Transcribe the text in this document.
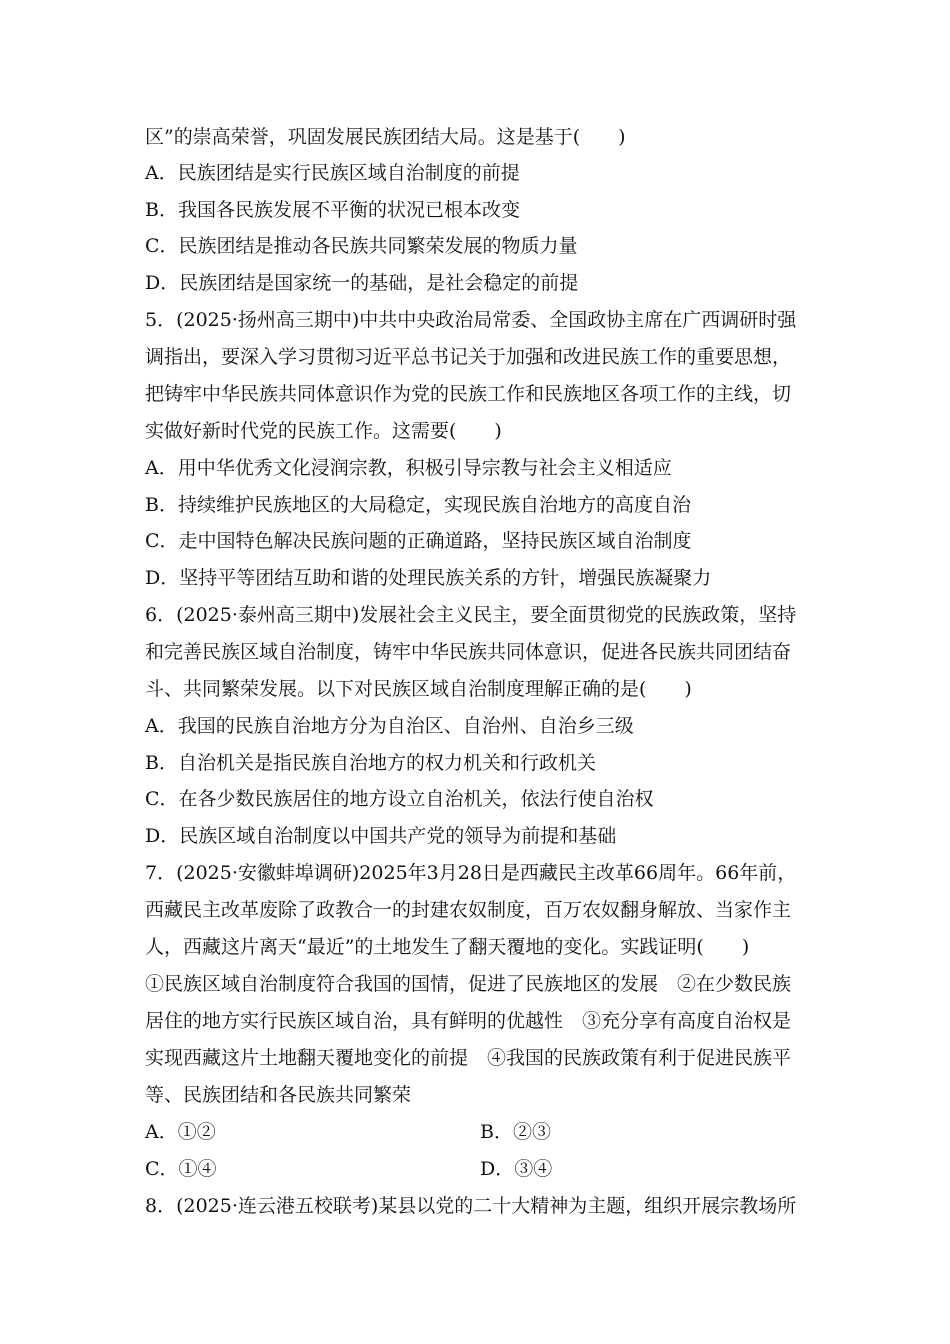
区”的崇高荣誉，巩固发展民族团结大局。这是基于(　　)
A．民族团结是实行民族区域自治制度的前提
B．我国各民族发展不平衡的状况已根本改变
C．民族团结是推动各民族共同繁荣发展的物质力量
D．民族团结是国家统一的基础，是社会稳定的前提
5．(2025·扬州高三期中)中共中央政治局常委、全国政协主席在广西调研时强
调指出，要深入学习贯彻习近平总书记关于加强和改进民族工作的重要思想，
把铸牢中华民族共同体意识作为党的民族工作和民族地区各项工作的主线，切
实做好新时代党的民族工作。这需要(　　)
A．用中华优秀文化浸润宗教，积极引导宗教与社会主义相适应
B．持续维护民族地区的大局稳定，实现民族自治地方的高度自治
C．走中国特色解决民族问题的正确道路，坚持民族区域自治制度
D．坚持平等团结互助和谐的处理民族关系的方针，增强民族凝聚力
6．(2025·泰州高三期中)发展社会主义民主，要全面贯彻党的民族政策，坚持
和完善民族区域自治制度，铸牢中华民族共同体意识，促进各民族共同团结奋
斗、共同繁荣发展。以下对民族区域自治制度理解正确的是(　　)
A．我国的民族自治地方分为自治区、自治州、自治乡三级
B．自治机关是指民族自治地方的权力机关和行政机关
C．在各少数民族居住的地方设立自治机关，依法行使自治权
D．民族区域自治制度以中国共产党的领导为前提和基础
7．(2025·安徽蚌埠调研)2025年3月28日是西藏民主改革66周年。66年前，
西藏民主改革废除了政教合一的封建农奴制度，百万农奴翻身解放、当家作主
人，西藏这片离天“最近”的土地发生了翻天覆地的变化。实践证明(　　)
①民族区域自治制度符合我国的国情，促进了民族地区的发展　②在少数民族
居住的地方实行民族区域自治，具有鲜明的优越性　③充分享有高度自治权是
实现西藏这片土地翻天覆地变化的前提　④我国的民族政策有利于促进民族平
等、民族团结和各民族共同繁荣
A．①②	B．②③
C．①④	D．③④
8．(2025·连云港五校联考)某县以党的二十大精神为主题，组织开展宗教场所
